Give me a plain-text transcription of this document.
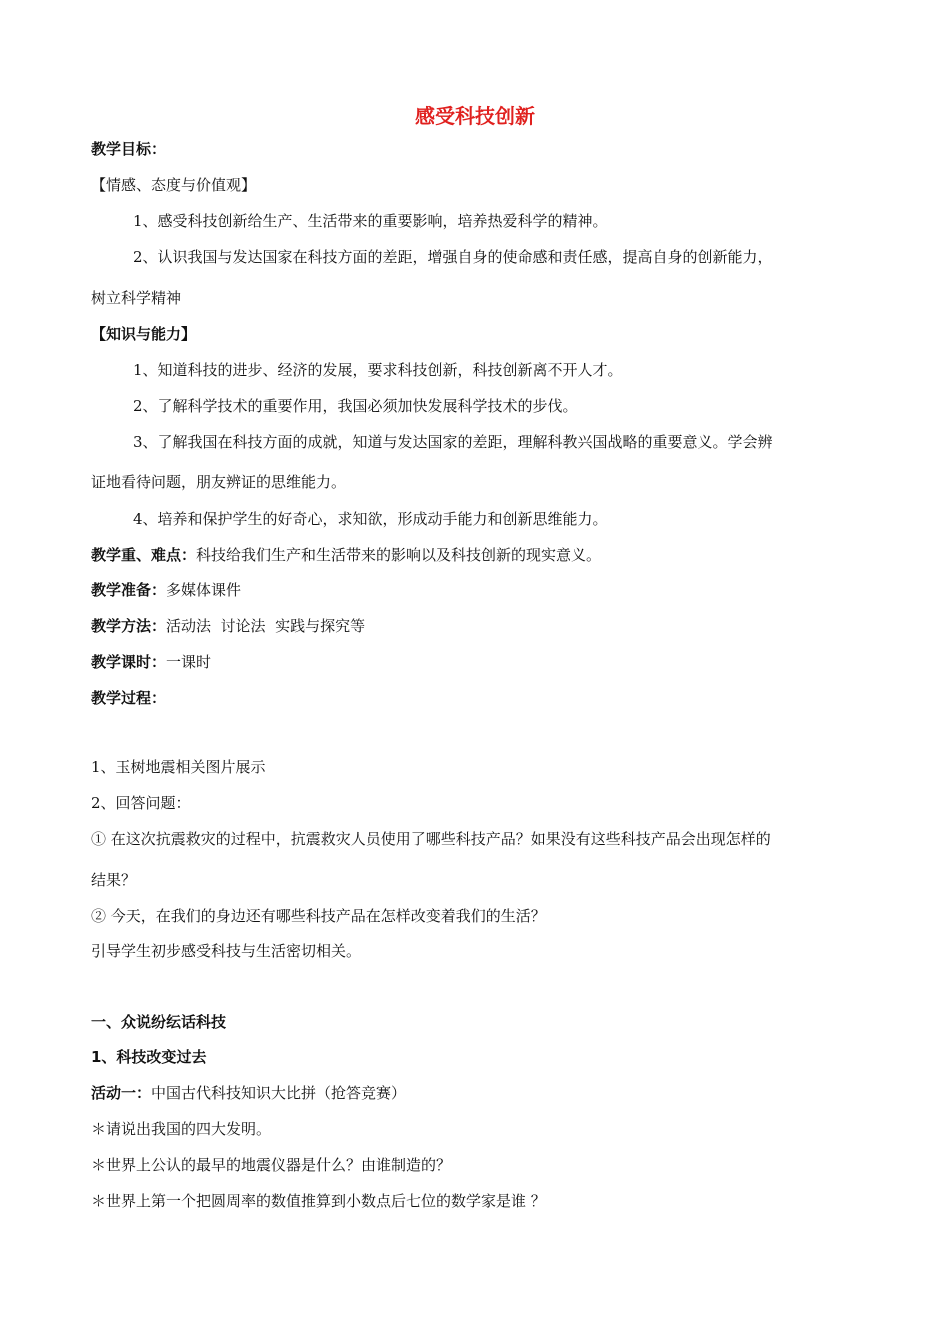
感受科技创新
教学目标：
【情感、态度与价值观】
1、感受科技创新给生产、生活带来的重要影响，培养热爱科学的精神。
2、认识我国与发达国家在科技方面的差距，增强自身的使命感和责任感，提高自身的创新能力，
树立科学精神
【知识与能力】
1、知道科技的进步、经济的发展，要求科技创新，科技创新离不开人才。
2、了解科学技术的重要作用，我国必须加快发展科学技术的步伐。
3、了解我国在科技方面的成就，知道与发达国家的差距，理解科教兴国战略的重要意义。学会辨
证地看待问题，朋友辨证的思维能力。
4、培养和保护学生的好奇心，求知欲，形成动手能力和创新思维能力。
教学重、难点：科技给我们生产和生活带来的影响以及科技创新的现实意义。
教学准备：多媒体课件
教学方法：活动法  讨论法  实践与探究等
教学课时：一课时
教学过程：
1、玉树地震相关图片展示
2、回答问题：
① 在这次抗震救灾的过程中，抗震救灾人员使用了哪些科技产品？如果没有这些科技产品会出现怎样的
结果？
② 今天，在我们的身边还有哪些科技产品在怎样改变着我们的生活？
引导学生初步感受科技与生活密切相关。
一、众说纷纭话科技
1、科技改变过去
活动一：中国古代科技知识大比拼（抢答竞赛）
＊请说出我国的四大发明。
＊世界上公认的最早的地震仪器是什么？由谁制造的？
＊世界上第一个把圆周率的数值推算到小数点后七位的数学家是谁 ？
